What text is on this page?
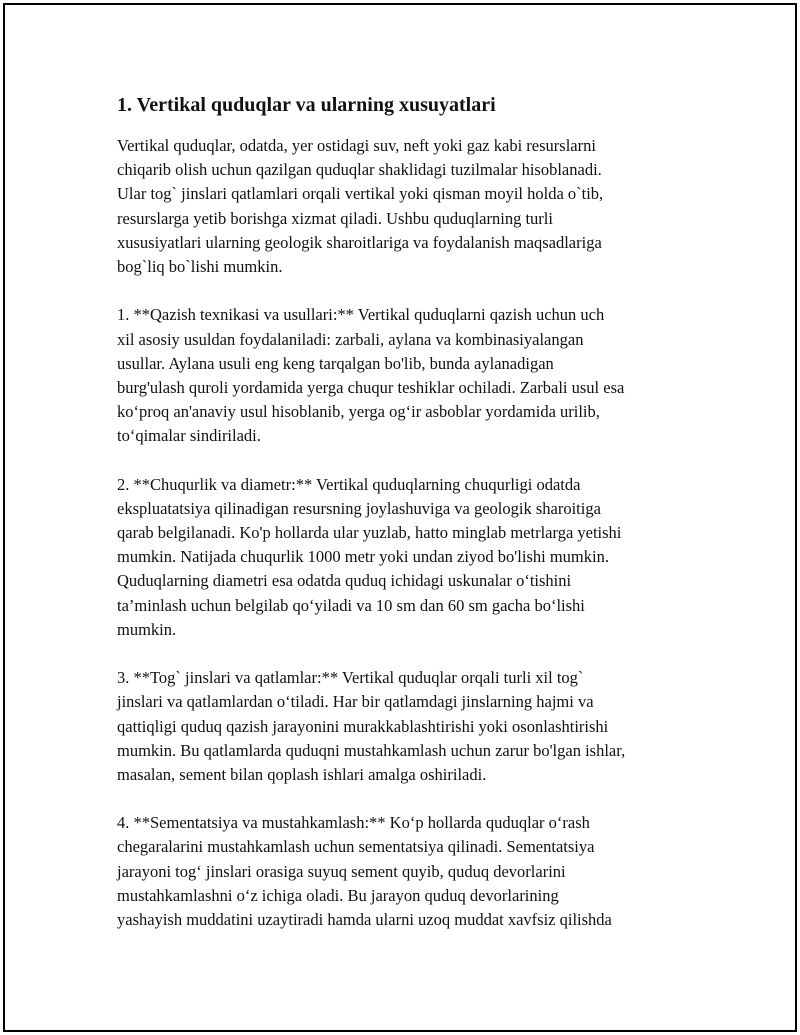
1. Vertikal quduqlar va ularning xusuyatlari

Vertikal quduqlar, odatda, yer ostidagi suv, neft yoki gaz kabi resurslarni
chiqarib olish uchun qazilgan quduqlar shaklidagi tuzilmalar hisoblanadi.
Ular tog` jinslari qatlamlari orqali vertikal yoki qisman moyil holda o`tib,
resurslarga yetib borishga xizmat qiladi. Ushbu quduqlarning turli
xususiyatlari ularning geologik sharoitlariga va foydalanish maqsadlariga
bog`liq bo`lishi mumkin.

1. **Qazish texnikasi va usullari:** Vertikal quduqlarni qazish uchun uch
xil asosiy usuldan foydalaniladi: zarbali, aylana va kombinasiyalangan
usullar. Aylana usuli eng keng tarqalgan bo'lib, bunda aylanadigan
burg'ulash quroli yordamida yerga chuqur teshiklar ochiladi. Zarbali usul esa
ko‘proq an'anaviy usul hisoblanib, yerga og‘ir asboblar yordamida urilib,
to‘qimalar sindiriladi.

2. **Chuqurlik va diametr:** Vertikal quduqlarning chuqurligi odatda
ekspluatatsiya qilinadigan resursning joylashuviga va geologik sharoitiga
qarab belgilanadi. Ko'p hollarda ular yuzlab, hatto minglab metrlarga yetishi
mumkin. Natijada chuqurlik 1000 metr yoki undan ziyod bo'lishi mumkin.
Quduqlarning diametri esa odatda quduq ichidagi uskunalar o‘tishini
ta’minlash uchun belgilab qo‘yiladi va 10 sm dan 60 sm gacha bo‘lishi
mumkin.

3. **Tog` jinslari va qatlamlar:** Vertikal quduqlar orqali turli xil tog`
jinslari va qatlamlardan o‘tiladi. Har bir qatlamdagi jinslarning hajmi va
qattiqligi quduq qazish jarayonini murakkablashtirishi yoki osonlashtirishi
mumkin. Bu qatlamlarda quduqni mustahkamlash uchun zarur bo'lgan ishlar,
masalan, sement bilan qoplash ishlari amalga oshiriladi.

4. **Sementatsiya va mustahkamlash:** Ko‘p hollarda quduqlar o‘rash
chegaralarini mustahkamlash uchun sementatsiya qilinadi. Sementatsiya
jarayoni tog‘ jinslari orasiga suyuq sement quyib, quduq devorlarini
mustahkamlashni o‘z ichiga oladi. Bu jarayon quduq devorlarining
yashayish muddatini uzaytiradi hamda ularni uzoq muddat xavfsiz qilishda
